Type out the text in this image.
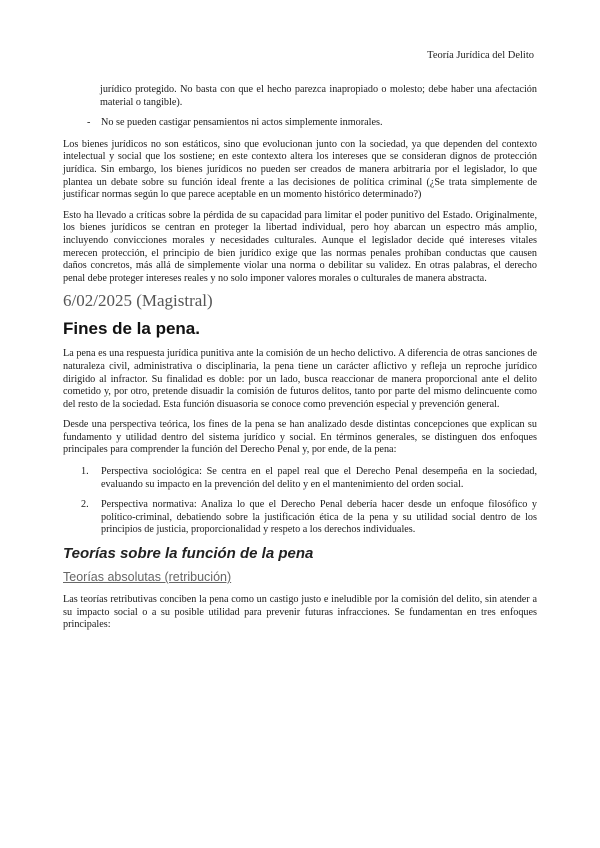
Teoría Jurídica del Delito

jurídico protegido. No basta con que el hecho parezca inapropiado o molesto; debe haber una afectación material o tangible).

-	No se pueden castigar pensamientos ni actos simplemente inmorales.

Los bienes jurídicos no son estáticos, sino que evolucionan junto con la sociedad, ya que dependen del contexto intelectual y social que los sostiene; en este contexto altera los intereses que se consideran dignos de protección jurídica. Sin embargo, los bienes jurídicos no pueden ser creados de manera arbitraria por el legislador, lo que plantea un debate sobre su función ideal frente a las decisiones de política criminal (¿Se trata simplemente de justificar normas según lo que parece aceptable en un momento histórico determinado?)

Esto ha llevado a críticas sobre la pérdida de su capacidad para limitar el poder punitivo del Estado. Originalmente, los bienes jurídicos se centran en proteger la libertad individual, pero hoy abarcan un espectro más amplio, incluyendo convicciones morales y necesidades culturales. Aunque el legislador decide qué intereses vitales merecen protección, el principio de bien jurídico exige que las normas penales prohíban conductas que causen daños concretos, más allá de simplemente violar una norma o debilitar su validez. En otras palabras, el derecho penal debe proteger intereses reales y no solo imponer valores morales o culturales de manera abstracta.

6/02/2025 (Magistral)
Fines de la pena.

La pena es una respuesta jurídica punitiva ante la comisión de un hecho delictivo. A diferencia de otras sanciones de naturaleza civil, administrativa o disciplinaria, la pena tiene un carácter aflictivo y refleja un reproche jurídico dirigido al infractor. Su finalidad es doble: por un lado, busca reaccionar de manera proporcional ante el delito cometido y, por otro, pretende disuadir la comisión de futuros delitos, tanto por parte del mismo delincuente como del resto de la sociedad. Esta función disuasoria se conoce como prevención especial y prevención general.

Desde una perspectiva teórica, los fines de la pena se han analizado desde distintas concepciones que explican su fundamento y utilidad dentro del sistema jurídico y social. En términos generales, se distinguen dos enfoques principales para comprender la función del Derecho Penal y, por ende, de la pena:

1.	Perspectiva sociológica: Se centra en el papel real que el Derecho Penal desempeña en la sociedad, evaluando su impacto en la prevención del delito y en el mantenimiento del orden social.

2.	Perspectiva normativa: Analiza lo que el Derecho Penal debería hacer desde un enfoque filosófico y político-criminal, debatiendo sobre la justificación ética de la pena y su utilidad social dentro de los principios de justicia, proporcionalidad y respeto a los derechos individuales.

Teorías sobre la función de la pena
Teorías absolutas (retribución)

Las teorías retributivas conciben la pena como un castigo justo e ineludible por la comisión del delito, sin atender a su impacto social o a su posible utilidad para prevenir futuras infracciones. Se fundamentan en tres enfoques principales:
